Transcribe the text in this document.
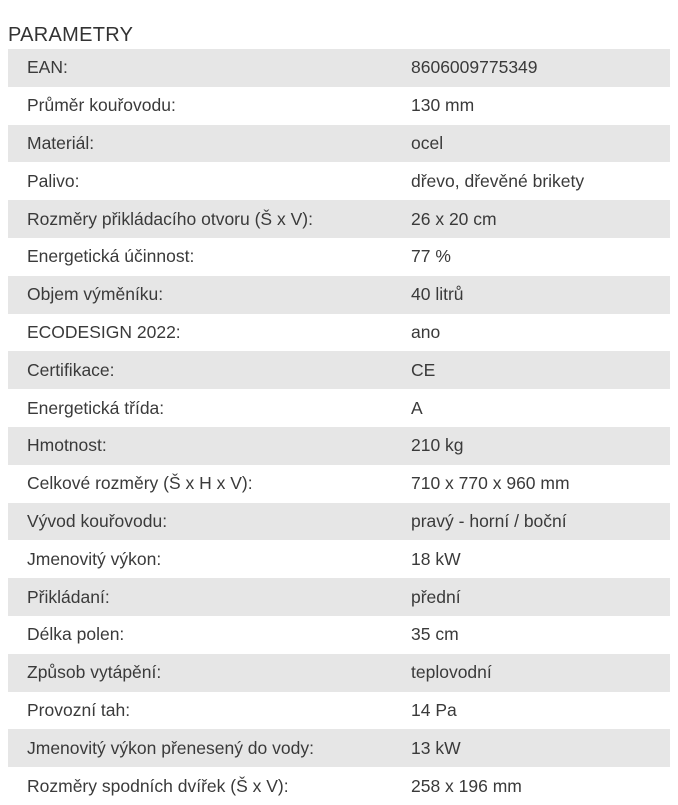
PARAMETRY
EAN:	8606009775349
Průměr kouřovodu:	130 mm
Materiál:	ocel
Palivo:	dřevo, dřevěné brikety
Rozměry přikládacího otvoru (Š x V):	26 x 20 cm
Energetická účinnost:	77 %
Objem výměníku:	40 litrů
ECODESIGN 2022:	ano
Certifikace:	CE
Energetická třída:	A
Hmotnost:	210 kg
Celkové rozměry (Š x H x V):	710 x 770 x 960 mm
Vývod kouřovodu:	pravý - horní / boční
Jmenovitý výkon:	18 kW
Přikládaní:	přední
Délka polen:	35 cm
Způsob vytápění:	teplovodní
Provozní tah:	14 Pa
Jmenovitý výkon přenesený do vody:	13 kW
Rozměry spodních dvířek (Š x V):	258 x 196 mm
